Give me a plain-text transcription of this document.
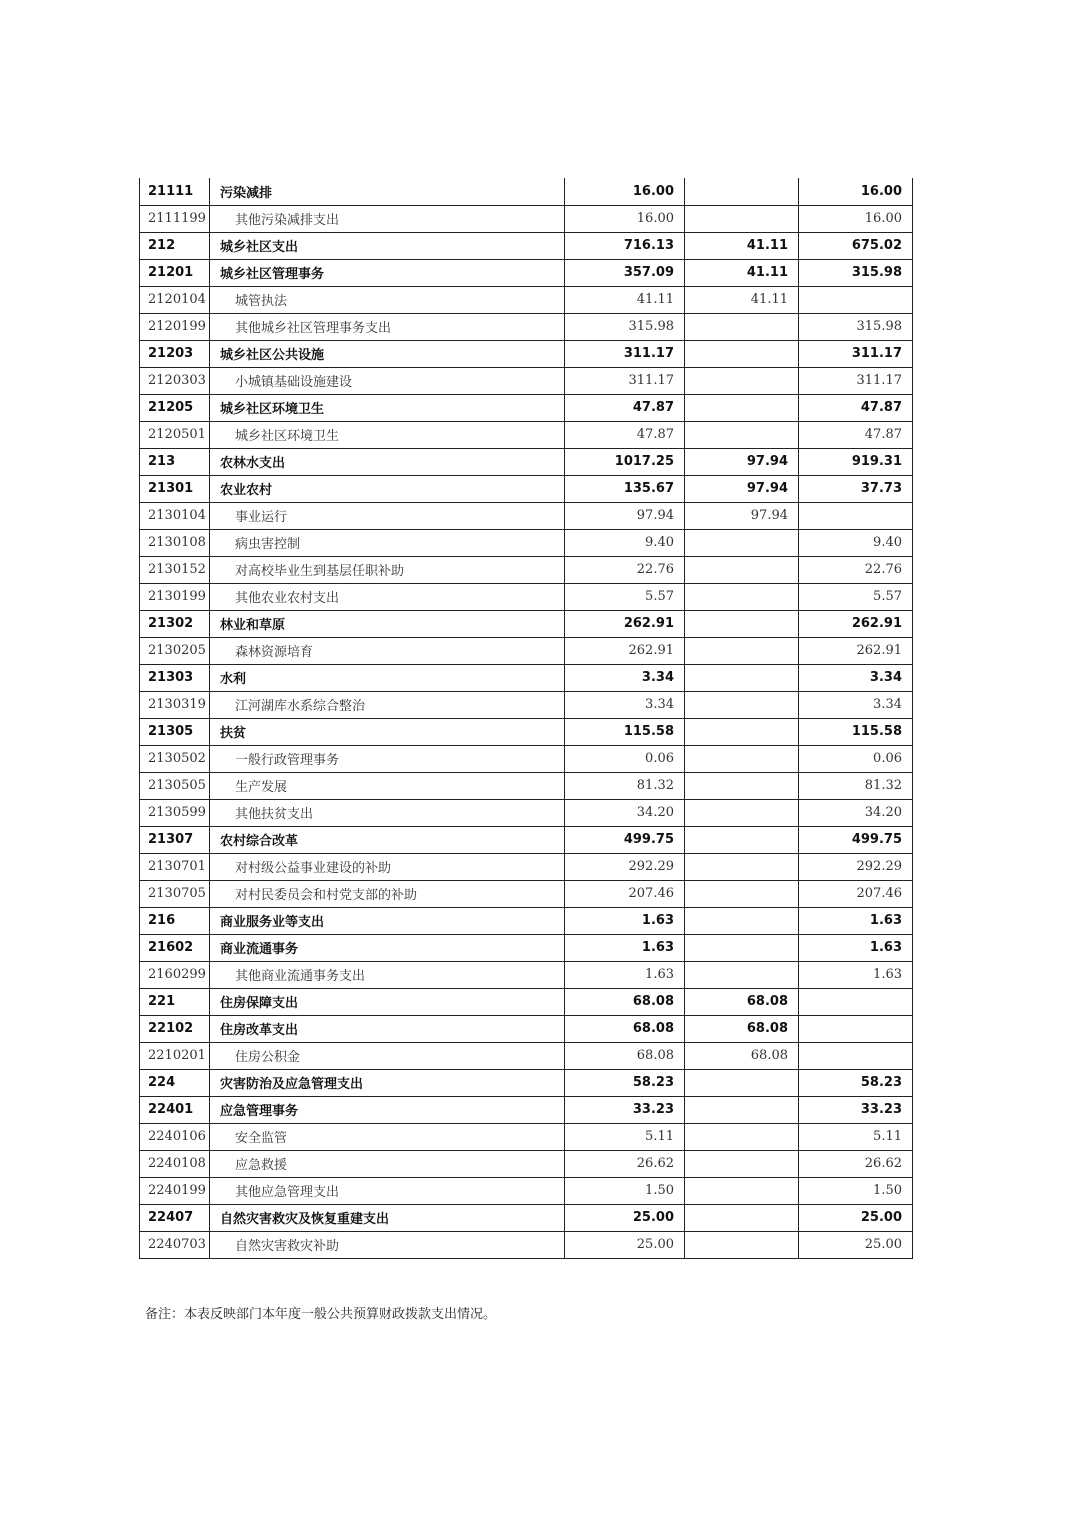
21111	污染减排	16.00		16.00
2111199	其他污染减排支出	16.00		16.00
212	城乡社区支出	716.13	41.11	675.02
21201	城乡社区管理事务	357.09	41.11	315.98
2120104	城管执法	41.11	41.11	
2120199	其他城乡社区管理事务支出	315.98		315.98
21203	城乡社区公共设施	311.17		311.17
2120303	小城镇基础设施建设	311.17		311.17
21205	城乡社区环境卫生	47.87		47.87
2120501	城乡社区环境卫生	47.87		47.87
213	农林水支出	1017.25	97.94	919.31
21301	农业农村	135.67	97.94	37.73
2130104	事业运行	97.94	97.94	
2130108	病虫害控制	9.40		9.40
2130152	对高校毕业生到基层任职补助	22.76		22.76
2130199	其他农业农村支出	5.57		5.57
21302	林业和草原	262.91		262.91
2130205	森林资源培育	262.91		262.91
21303	水利	3.34		3.34
2130319	江河湖库水系综合整治	3.34		3.34
21305	扶贫	115.58		115.58
2130502	一般行政管理事务	0.06		0.06
2130505	生产发展	81.32		81.32
2130599	其他扶贫支出	34.20		34.20
21307	农村综合改革	499.75		499.75
2130701	对村级公益事业建设的补助	292.29		292.29
2130705	对村民委员会和村党支部的补助	207.46		207.46
216	商业服务业等支出	1.63		1.63
21602	商业流通事务	1.63		1.63
2160299	其他商业流通事务支出	1.63		1.63
221	住房保障支出	68.08	68.08	
22102	住房改革支出	68.08	68.08	
2210201	住房公积金	68.08	68.08	
224	灾害防治及应急管理支出	58.23		58.23
22401	应急管理事务	33.23		33.23
2240106	安全监管	5.11		5.11
2240108	应急救援	26.62		26.62
2240199	其他应急管理支出	1.50		1.50
22407	自然灾害救灾及恢复重建支出	25.00		25.00
2240703	自然灾害救灾补助	25.00		25.00
备注：本表反映部门本年度一般公共预算财政拨款支出情况。
